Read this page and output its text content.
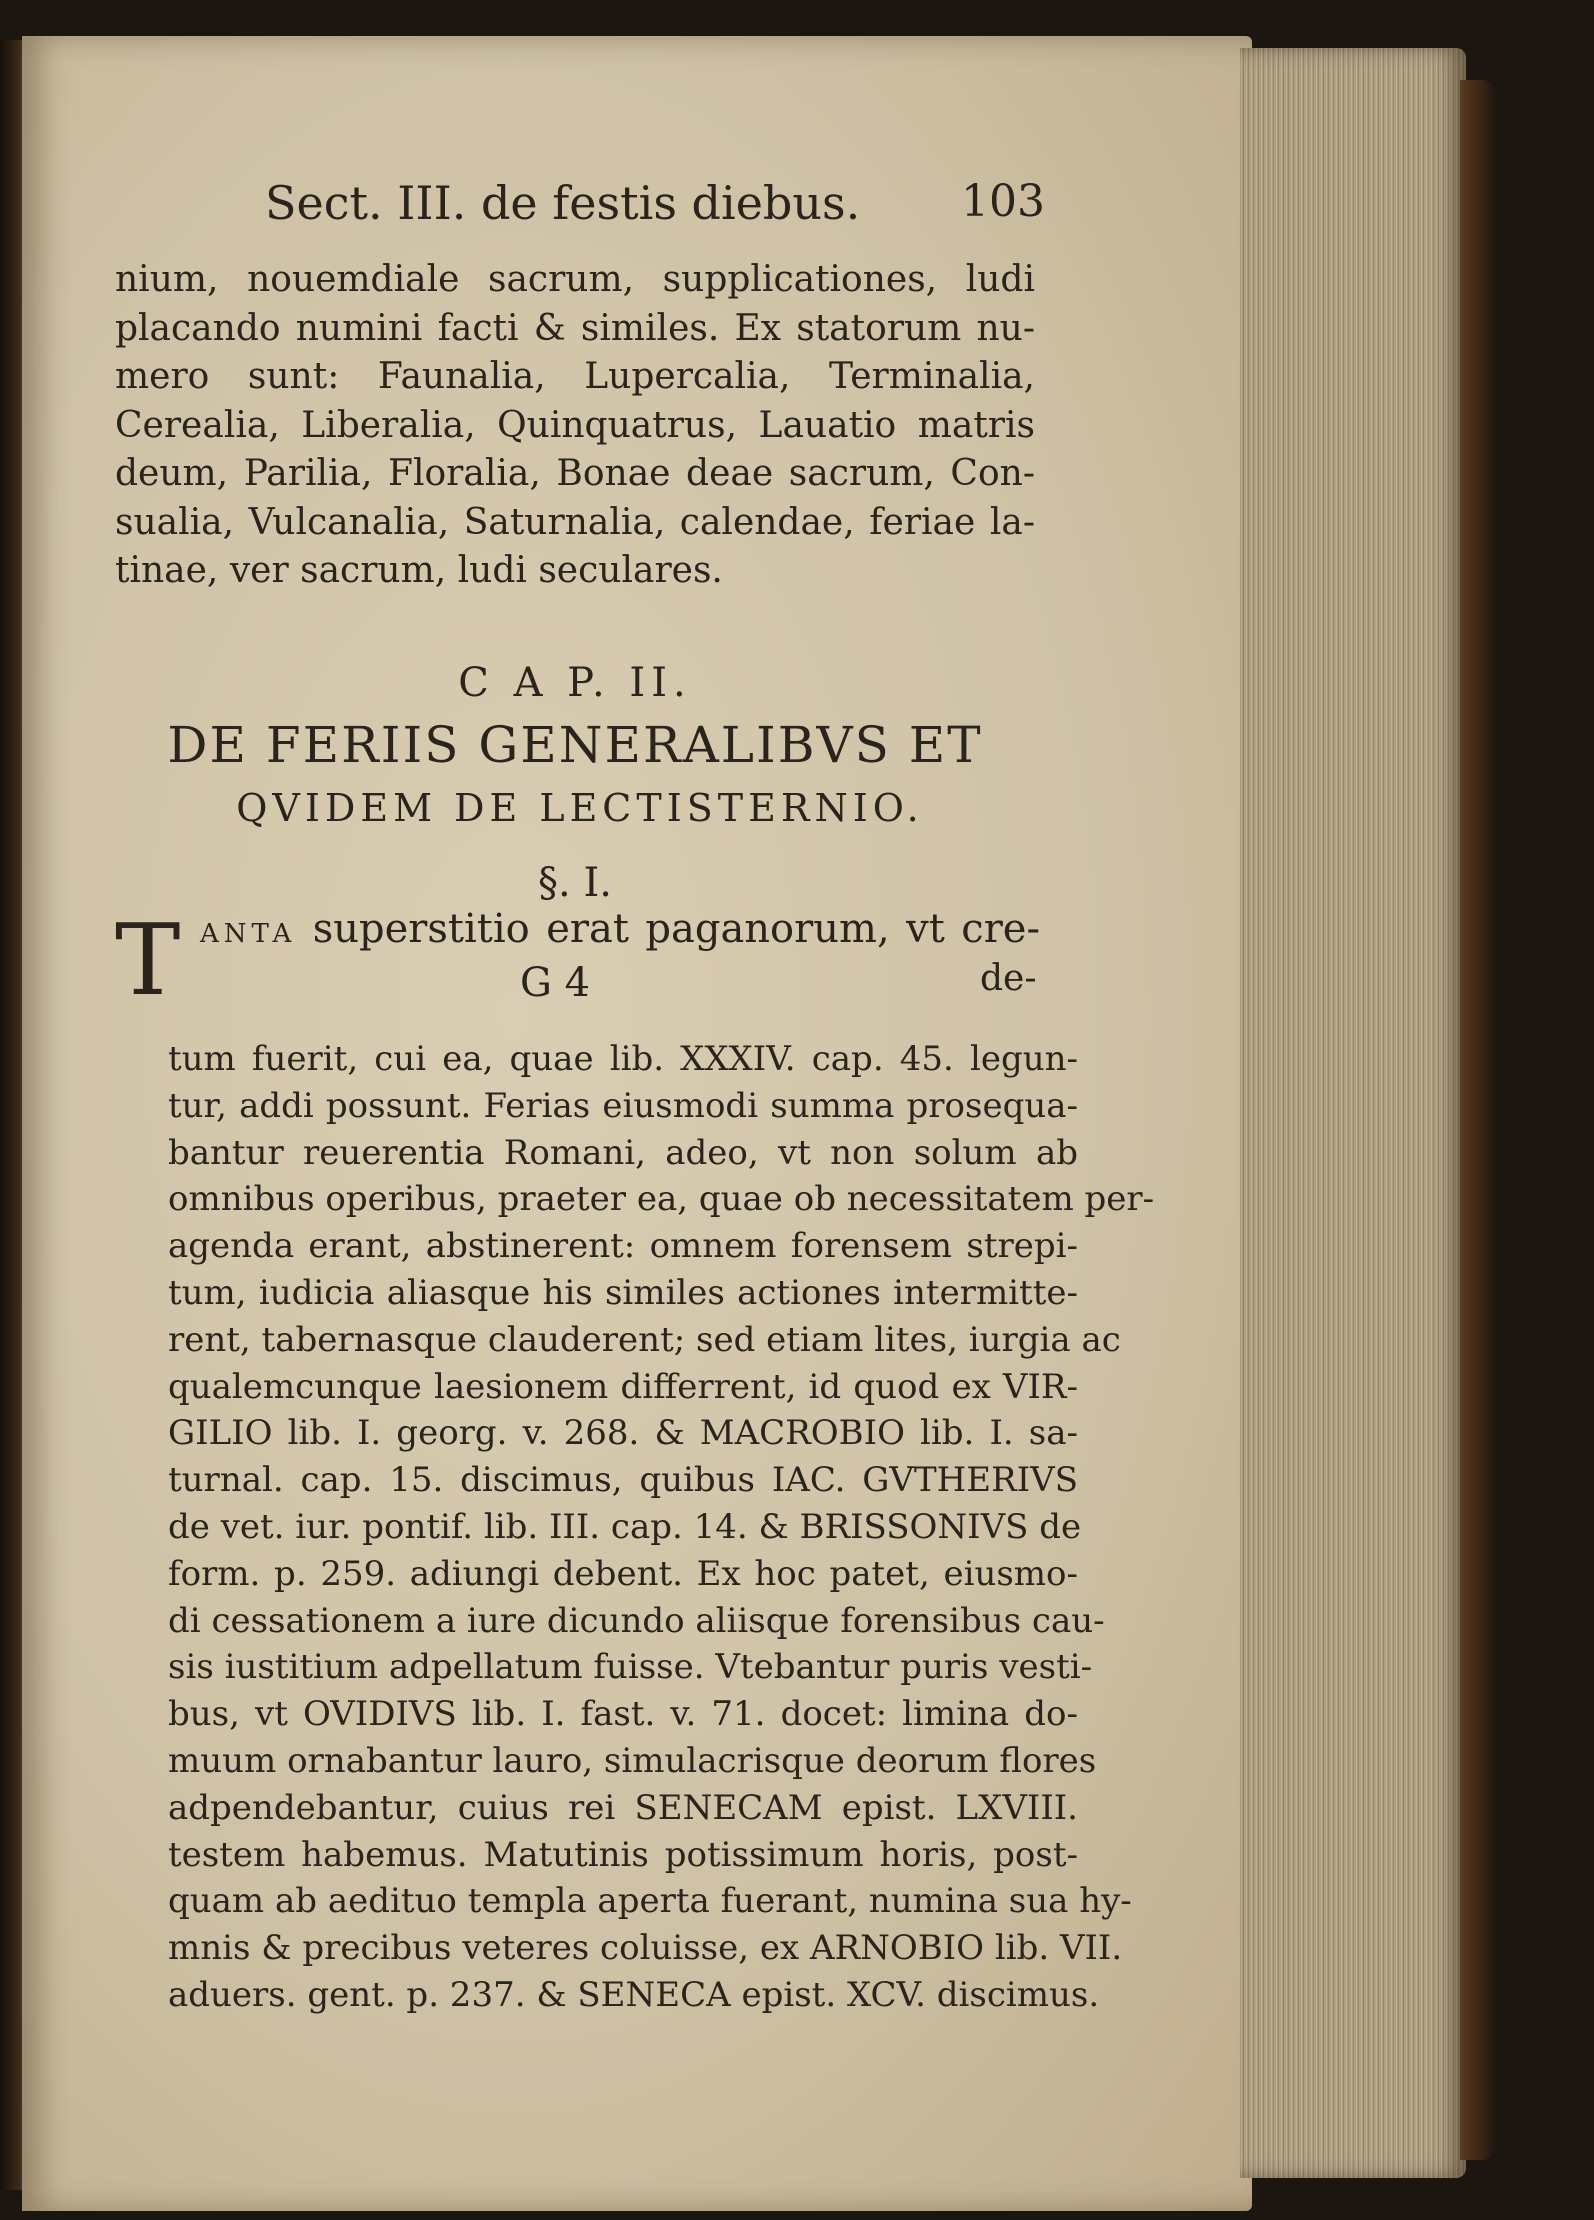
Sect. III. de festis diebus. 103
nium, nouemdiale sacrum, supplicationes, ludi
placando numini facti & similes. Ex statorum nu-
mero sunt: Faunalia, Lupercalia, Terminalia,
Cerealia, Liberalia, Quinquatrus, Lauatio matris
deum, Parilia, Floralia, Bonae deae sacrum, Con-
sualia, Vulcanalia, Saturnalia, calendae, feriae la-
tinae, ver sacrum, ludi seculares.
C A P. II.
DE FERIIS GENERALIBVS ET
QVIDEM DE LECTISTERNIO.
§. I.
T ANTA superstitio erat paganorum, vt cre-
G 4	de-
tum fuerit, cui ea, quae lib. XXXIV. cap. 45. legun-
tur, addi possunt. Ferias eiusmodi summa prosequa-
bantur reuerentia Romani, adeo, vt non solum ab
omnibus operibus, praeter ea, quae ob necessitatem per-
agenda erant, abstinerent: omnem forensem strepi-
tum, iudicia aliasque his similes actiones intermitte-
rent, tabernasque clauderent; sed etiam lites, iurgia ac
qualemcunque laesionem differrent, id quod ex VIR-
GILIO lib. I. georg. v. 268. & MACROBIO lib. I. sa-
turnal. cap. 15. discimus, quibus IAC. GVTHERIVS
de vet. iur. pontif. lib. III. cap. 14. & BRISSONIVS de
form. p. 259. adiungi debent. Ex hoc patet, eiusmo-
di cessationem a iure dicundo aliisque forensibus cau-
sis iustitium adpellatum fuisse. Vtebantur puris vesti-
bus, vt OVIDIVS lib. I. fast. v. 71. docet: limina do-
muum ornabantur lauro, simulacrisque deorum flores
adpendebantur, cuius rei SENECAM epist. LXVIII.
testem habemus. Matutinis potissimum horis, post-
quam ab aedituo templa aperta fuerant, numina sua hy-
mnis & precibus veteres coluisse, ex ARNOBIO lib. VII.
aduers. gent. p. 237. & SENECA epist. XCV. discimus.
